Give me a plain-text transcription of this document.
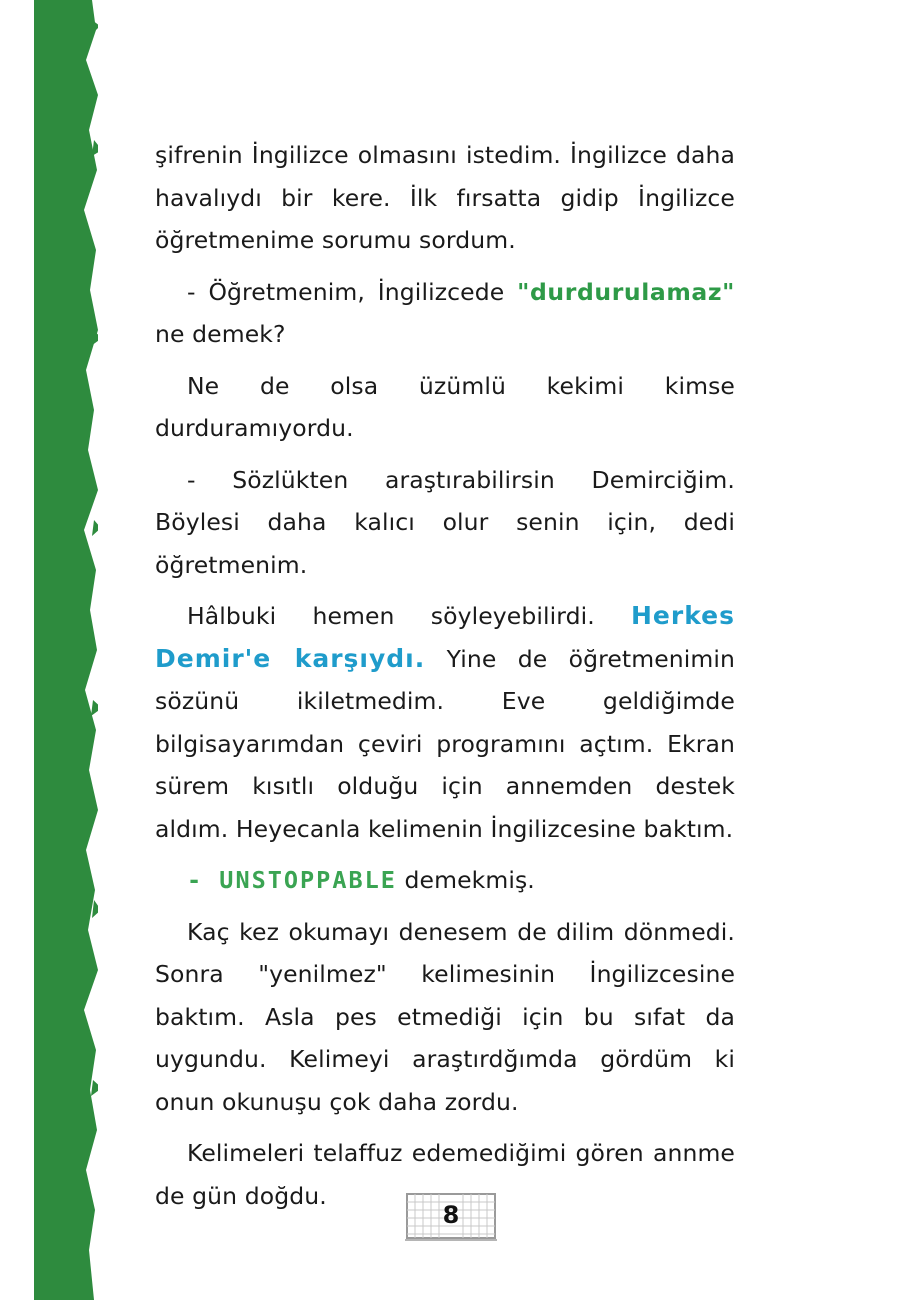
şifrenin İngilizce olmasını istedim. İngilizce daha havalıydı bir kere. İlk fırsatta gidip İngilizce öğretmenime sorumu sordum.

- Öğretmenim, İngilizcede "durdurulamaz" ne demek?

Ne de olsa üzümlü kekimi kimse durduramıyordu.

- Sözlükten araştırabilirsin Demirciğim. Böylesi daha kalıcı olur senin için, dedi öğretmenim.

Hâlbuki hemen söyleyebilirdi. Herkes Demir'e karşıydı. Yine de öğretmenimin sözünü ikiletmedim. Eve geldiğimde bilgisayarımdan çeviri programını açtım. Ekran sürem kısıtlı olduğu için annemden destek aldım. Heyecanla kelimenin İngilizcesine baktım.

- UNSTOPPABLE demekmiş.

Kaç kez okumayı denesem de dilim dönmedi. Sonra "yenilmez" kelimesinin İngilizcesine baktım. Asla pes etmediği için bu sıfat da uygundu. Kelimeyi araştırdğımda gördüm ki onun okunuşu çok daha zordu.

Kelimeleri telaffuz edemediğimi gören annme de gün doğdu.

8
